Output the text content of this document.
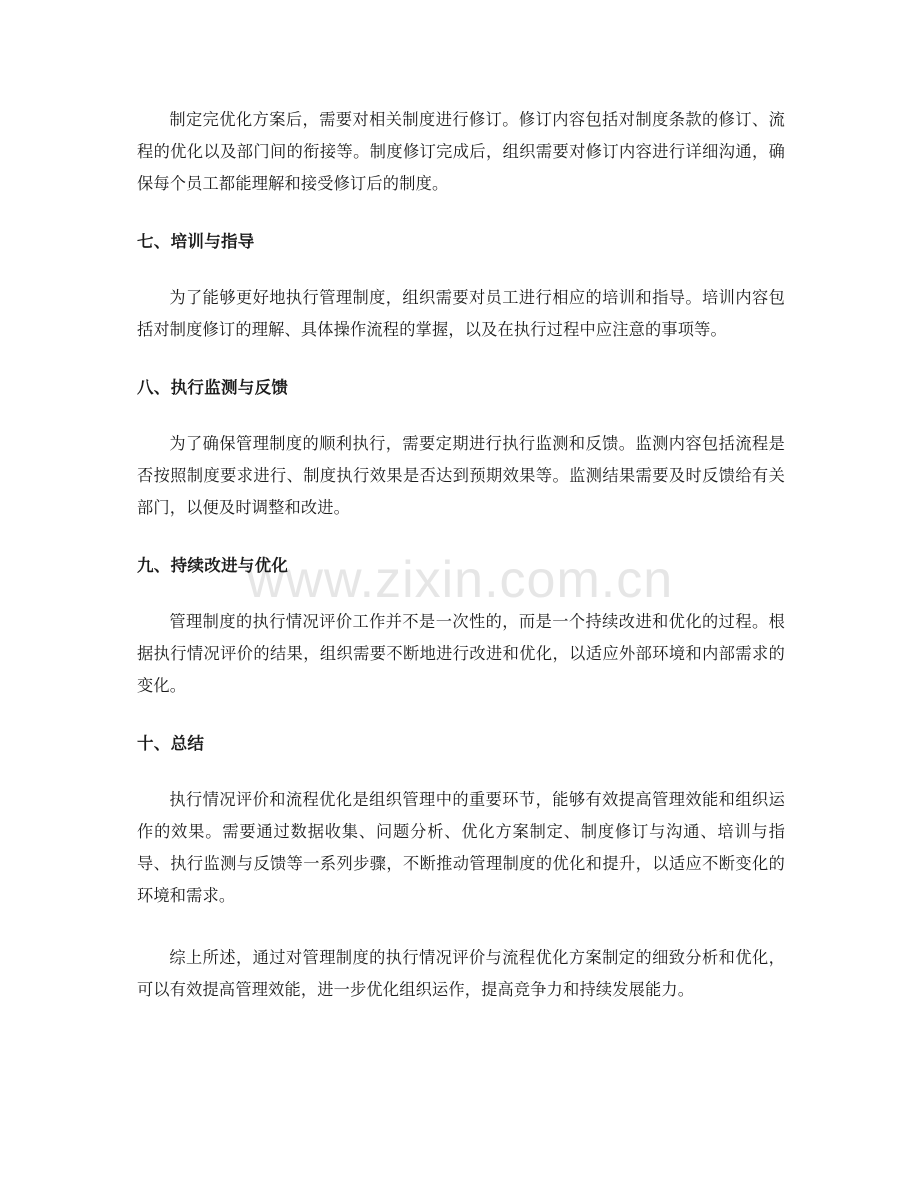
www.zixin.com.cn

制定完优化方案后，需要对相关制度进行修订。修订内容包括对制度条款的修订、流程的优化以及部门间的衔接等。制度修订完成后，组织需要对修订内容进行详细沟通，确保每个员工都能理解和接受修订后的制度。

七、培训与指导

为了能够更好地执行管理制度，组织需要对员工进行相应的培训和指导。培训内容包括对制度修订的理解、具体操作流程的掌握，以及在执行过程中应注意的事项等。

八、执行监测与反馈

为了确保管理制度的顺利执行，需要定期进行执行监测和反馈。监测内容包括流程是否按照制度要求进行、制度执行效果是否达到预期效果等。监测结果需要及时反馈给有关部门，以便及时调整和改进。

九、持续改进与优化

管理制度的执行情况评价工作并不是一次性的，而是一个持续改进和优化的过程。根据执行情况评价的结果，组织需要不断地进行改进和优化，以适应外部环境和内部需求的变化。

十、总结

执行情况评价和流程优化是组织管理中的重要环节，能够有效提高管理效能和组织运作的效果。需要通过数据收集、问题分析、优化方案制定、制度修订与沟通、培训与指导、执行监测与反馈等一系列步骤，不断推动管理制度的优化和提升，以适应不断变化的环境和需求。

综上所述，通过对管理制度的执行情况评价与流程优化方案制定的细致分析和优化，可以有效提高管理效能，进一步优化组织运作，提高竞争力和持续发展能力。
